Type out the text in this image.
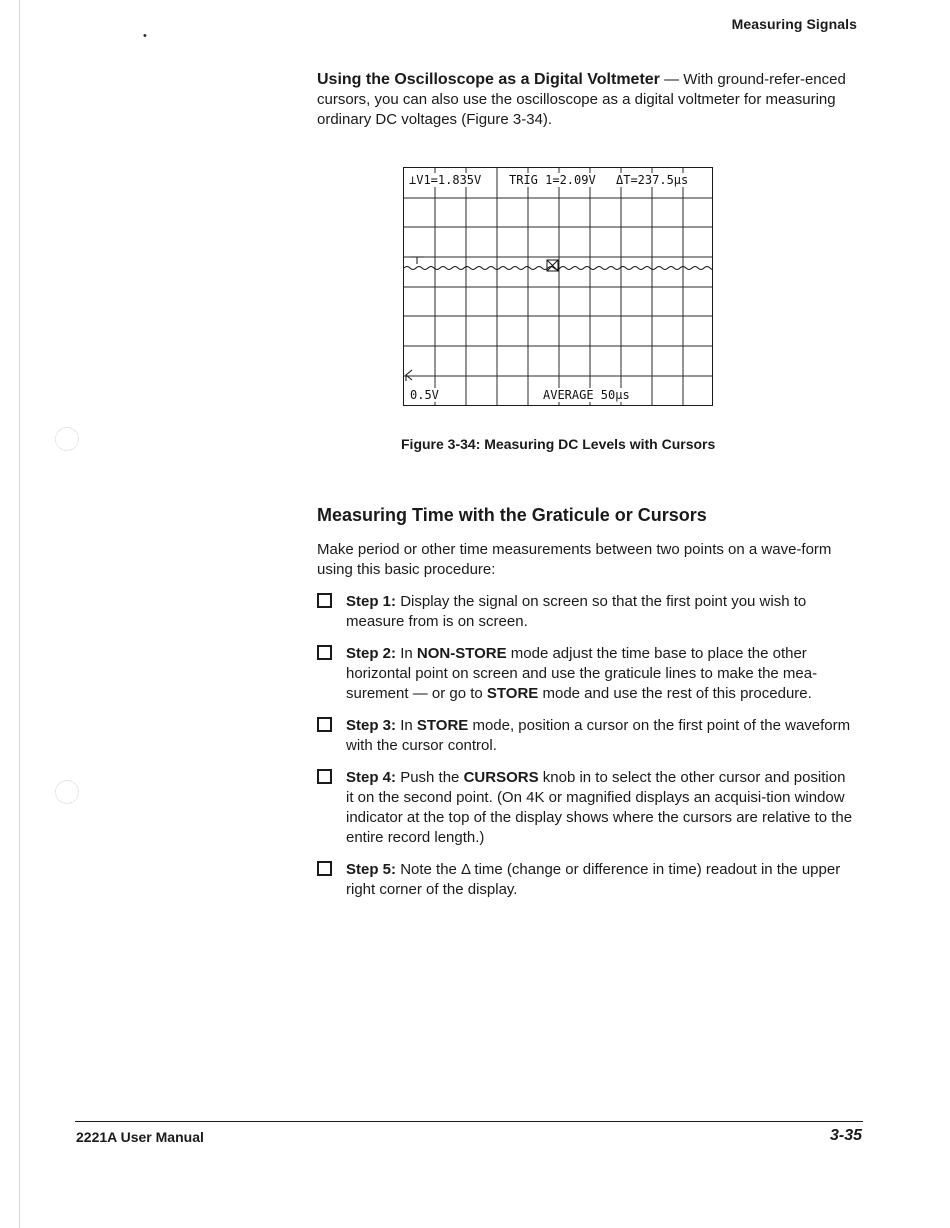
•
Measuring Signals
Using the Oscilloscope as a Digital Voltmeter — With ground-refer-enced cursors, you can also use the oscilloscope as a digital voltmeter for measuring ordinary DC voltages (Figure 3-34).
⊥V1=1.835V TRIG 1=2.09V ΔT=237.5μs
0.5V	AVERAGE 50μs
Figure 3-34: Measuring DC Levels with Cursors
Measuring Time with the Graticule or Cursors
Make period or other time measurements between two points on a wave-form using this basic procedure:
Step 1: Display the signal on screen so that the first point you wish to measure from is on screen.
Step 2: In NON-STORE mode adjust the time base to place the other horizontal point on screen and use the graticule lines to make the mea-surement — or go to STORE mode and use the rest of this procedure.
Step 3: In STORE mode, position a cursor on the first point of the waveform with the cursor control.
Step 4: Push the CURSORS knob in to select the other cursor and position it on the second point. (On 4K or magnified displays an acquisi-tion window indicator at the top of the display shows where the cursors are relative to the entire record length.)
Step 5: Note the Δ time (change or difference in time) readout in the upper right corner of the display.
2221A User Manual	3-35
